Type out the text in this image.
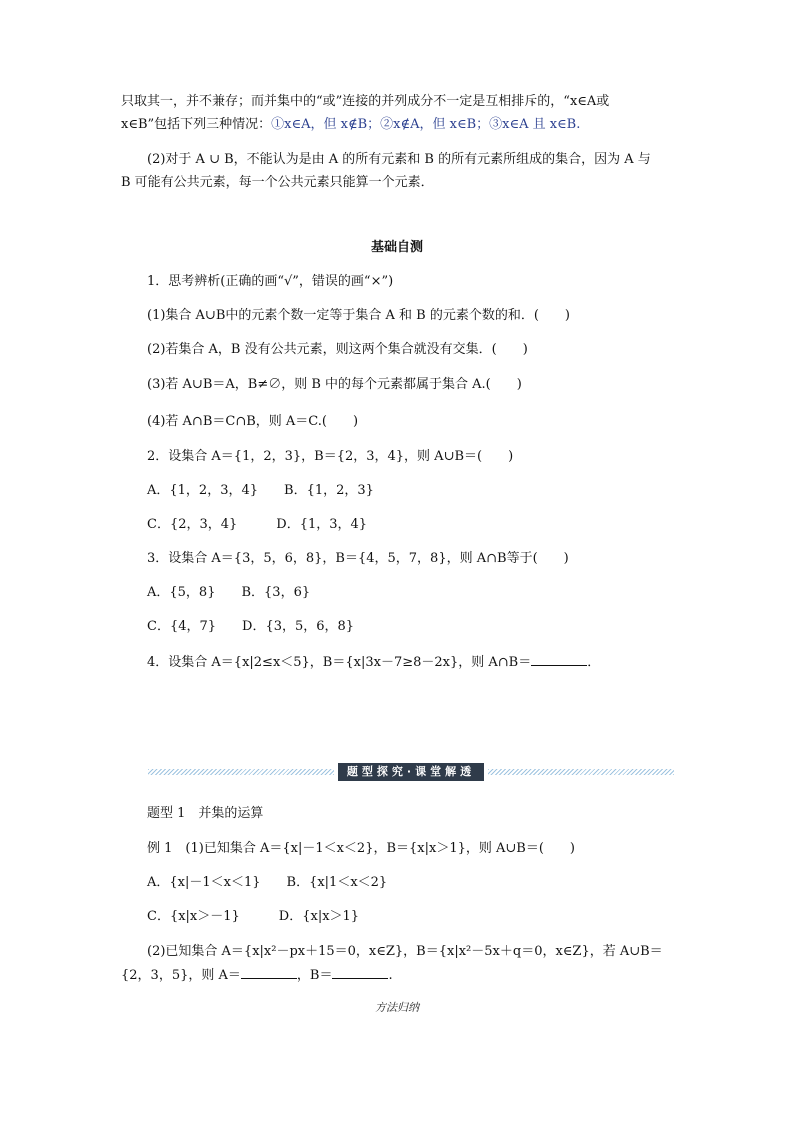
只取其一，并不兼存；而并集中的“或”连接的并列成分不一定是互相排斥的，“x∈A或
x∈B”包括下列三种情况：①x∈A，但 x∉B；②x∉A，但 x∈B；③x∈A 且 x∈B.
(2)对于 A ∪ B，不能认为是由 A 的所有元素和 B 的所有元素所组成的集合，因为 A 与
B 可能有公共元素，每一个公共元素只能算一个元素．
基础自测
1．思考辨析(正确的画“√”，错误的画“×”)
(1)集合 A∪B中的元素个数一定等于集合 A 和 B 的元素个数的和．(　　)
(2)若集合 A，B 没有公共元素，则这两个集合就没有交集．(　　)
(3)若 A∪B＝A，B≠∅，则 B 中的每个元素都属于集合 A.(　　)
(4)若 A∩B＝C∩B，则 A＝C.(　　)
2．设集合 A＝{1，2，3}，B＝{2，3，4}，则 A∪B＝(　　)
A．{1，2，3，4}　　B．{1，2，3}
C．{2，3，4}　　　D．{1，3，4}
3．设集合 A＝{3，5，6，8}，B＝{4，5，7，8}，则 A∩B等于(　　)
A．{5，8}　　B．{3，6}
C．{4，7}　　D．{3，5，6，8}
4．设集合 A＝{x|2≤x＜5}，B＝{x|3x－7≥8－2x}，则 A∩B＝	．
题型探究·课堂解透
题型 1　并集的运算
例 1　(1)已知集合 A＝{x|－1＜x＜2}，B＝{x|x＞1}，则 A∪B＝(　　)
A．{x|－1＜x＜1}　　B．{x|1＜x＜2}
C．{x|x＞－1}　　　D．{x|x＞1}
(2)已知集合 A＝{x|x²－px＋15＝0，x∈Z}，B＝{x|x²－5x＋q＝0，x∈Z}，若 A∪B＝
{2，3，5}，则 A＝	，B＝	.
方法归纳
